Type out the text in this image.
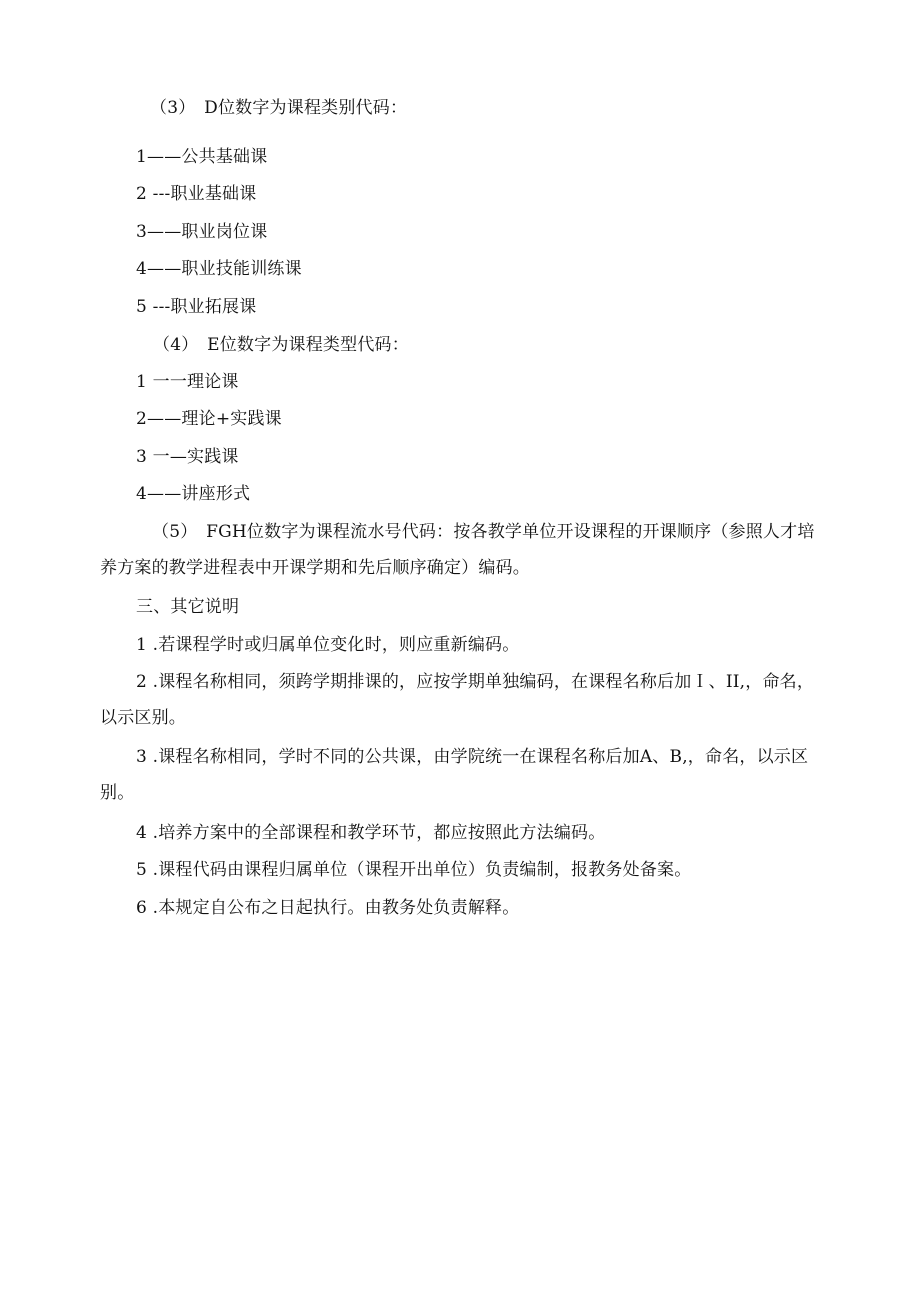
（3）　D位数字为课程类别代码：
1——公共基础课
2 ---职业基础课
3——职业岗位课
4——职业技能训练课
5 ---职业拓展课
（4）　E位数字为课程类型代码：
1 一一理论课
2——理论+实践课
3 一—实践课
4——讲座形式
（5）　FGH位数字为课程流水号代码：按各教学单位开设课程的开课顺序（参照人才培养方案的教学进程表中开课学期和先后顺序确定）编码。
三、其它说明
1 .若课程学时或归属单位变化时，则应重新编码。
2 .课程名称相同，须跨学期排课的，应按学期单独编码，在课程名称后加Ｉ、II,，命名，以示区别。
3 .课程名称相同，学时不同的公共课，由学院统一在课程名称后加A、B,，命名，以示区别。
4 .培养方案中的全部课程和教学环节，都应按照此方法编码。
5 .课程代码由课程归属单位（课程开出单位）负责编制，报教务处备案。
6 .本规定自公布之日起执行。由教务处负责解释。
